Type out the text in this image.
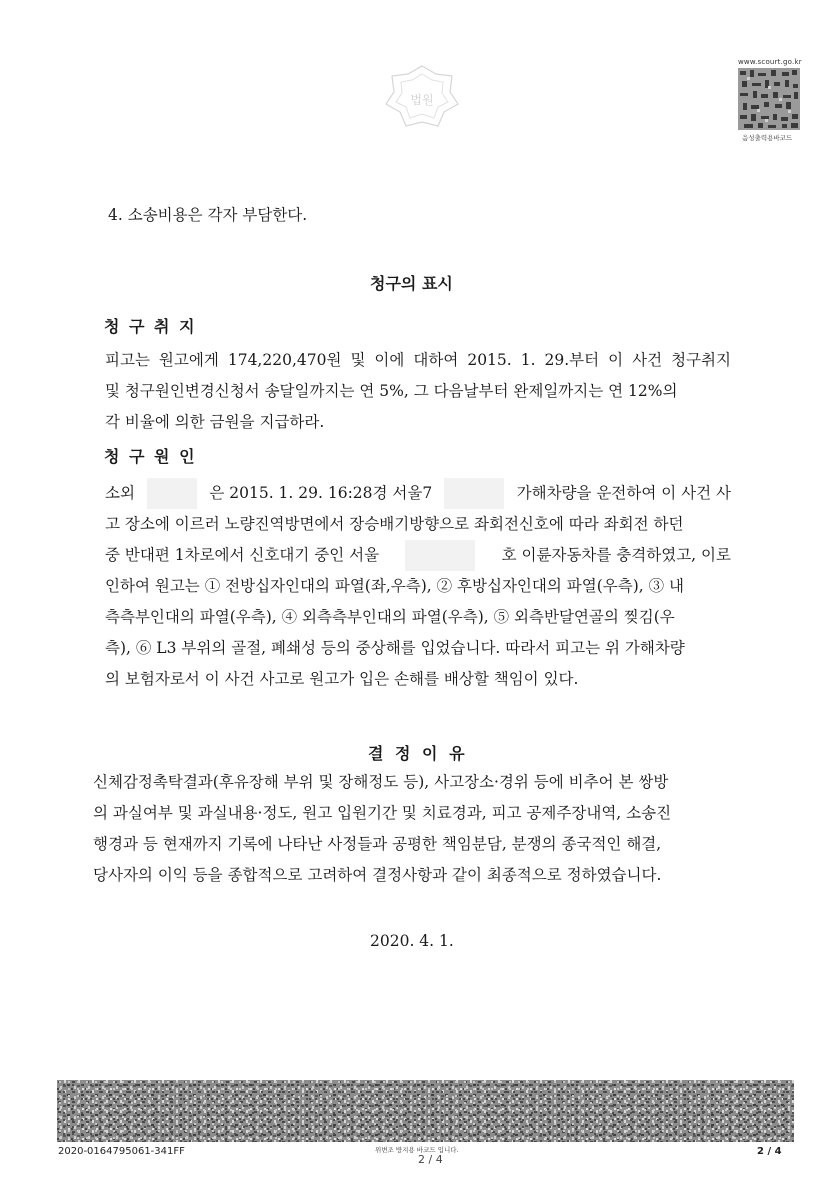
법원
www.scourt.go.kr
음성출력용바코드
4. 소송비용은 각자 부담한다.
청구의 표시
청 구 취 지
피고는 원고에게 174,220,470원 및 이에 대하여 2015. 1. 29.부터 이 사건 청구취지
및 청구원인변경신청서 송달일까지는 연 5%, 그 다음날부터 완제일까지는 연 12%의
각 비율에 의한 금원을 지급하라.
청 구 원 인
소외
	은 2015. 1. 29. 16:28경 서울7
	가해차량을 운전하여 이 사건 사
고 장소에 이르러 노량진역방면에서 장승배기방향으로 좌회전신호에 따라 좌회전 하던
중 반대편 1차로에서 신호대기 중인 서울
	호 이륜자동차를 충격하였고, 이로
인하여 원고는 ① 전방십자인대의 파열(좌,우측), ② 후방십자인대의 파열(우측), ③ 내
측측부인대의 파열(우측), ④ 외측측부인대의 파열(우측), ⑤ 외측반달연골의 찢김(우
측), ⑥ L3 부위의 골절, 폐쇄성 등의 중상해를 입었습니다. 따라서 피고는 위 가해차량
의 보험자로서 이 사건 사고로 원고가 입은 손해를 배상할 책임이 있다.
결 정 이 유
신체감정촉탁결과(후유장해 부위 및 장해정도 등), 사고장소·경위 등에 비추어 본 쌍방
의 과실여부 및 과실내용·정도, 원고 입원기간 및 치료경과, 피고 공제주장내역, 소송진
행경과 등 현재까지 기록에 나타난 사정들과 공평한 책임분담, 분쟁의 종국적인 해결,
당사자의 이익 등을 종합적으로 고려하여 결정사항과 같이 최종적으로 정하였습니다.
2020. 4. 1.
2020-0164795061-341FF	위변조 방지용 바코드 입니다.
2 / 4
2 / 4
